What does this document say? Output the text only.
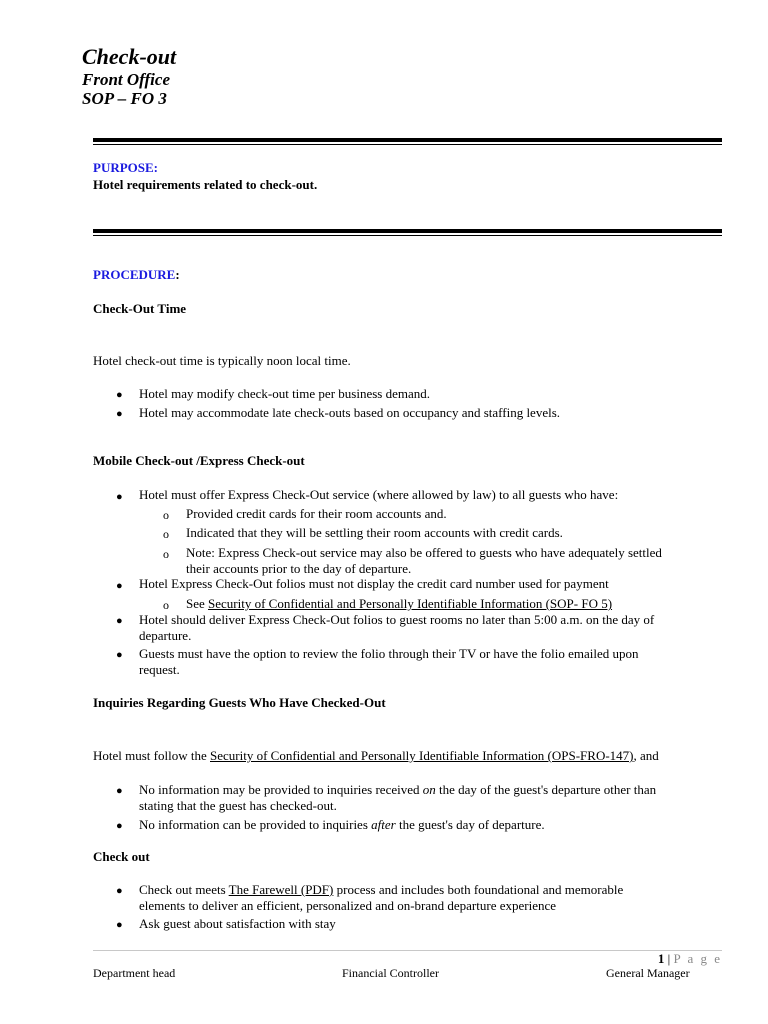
Check-out
Front Office
SOP – FO 3
PURPOSE:
Hotel requirements related to check-out.
PROCEDURE:
Check-Out Time
Hotel check-out time is typically noon local time.
● Hotel may modify check-out time per business demand.
● Hotel may accommodate late check-outs based on occupancy and staffing levels.
Mobile Check-out /Express Check-out
● Hotel must offer Express Check-Out service (where allowed by law) to all guests who have:
o Provided credit cards for their room accounts and.
o Indicated that they will be settling their room accounts with credit cards.
o Note: Express Check-out service may also be offered to guests who have adequately settled
their accounts prior to the day of departure.
● Hotel Express Check-Out folios must not display the credit card number used for payment
o See Security of Confidential and Personally Identifiable Information (SOP- FO 5)
● Hotel should deliver Express Check-Out folios to guest rooms no later than 5:00 a.m. on the day of
departure.
● Guests must have the option to review the folio through their TV or have the folio emailed upon
request.
Inquiries Regarding Guests Who Have Checked-Out
Hotel must follow the Security of Confidential and Personally Identifiable Information (OPS-FRO-147), and
● No information may be provided to inquiries received on the day of the guest's departure other than
stating that the guest has checked-out.
● No information can be provided to inquiries after the guest's day of departure.
Check out
● Check out meets The Farewell (PDF) process and includes both foundational and memorable
elements to deliver an efficient, personalized and on-brand departure experience
● Ask guest about satisfaction with stay
1 | P a g e
Department head	Financial Controller	General Manager
